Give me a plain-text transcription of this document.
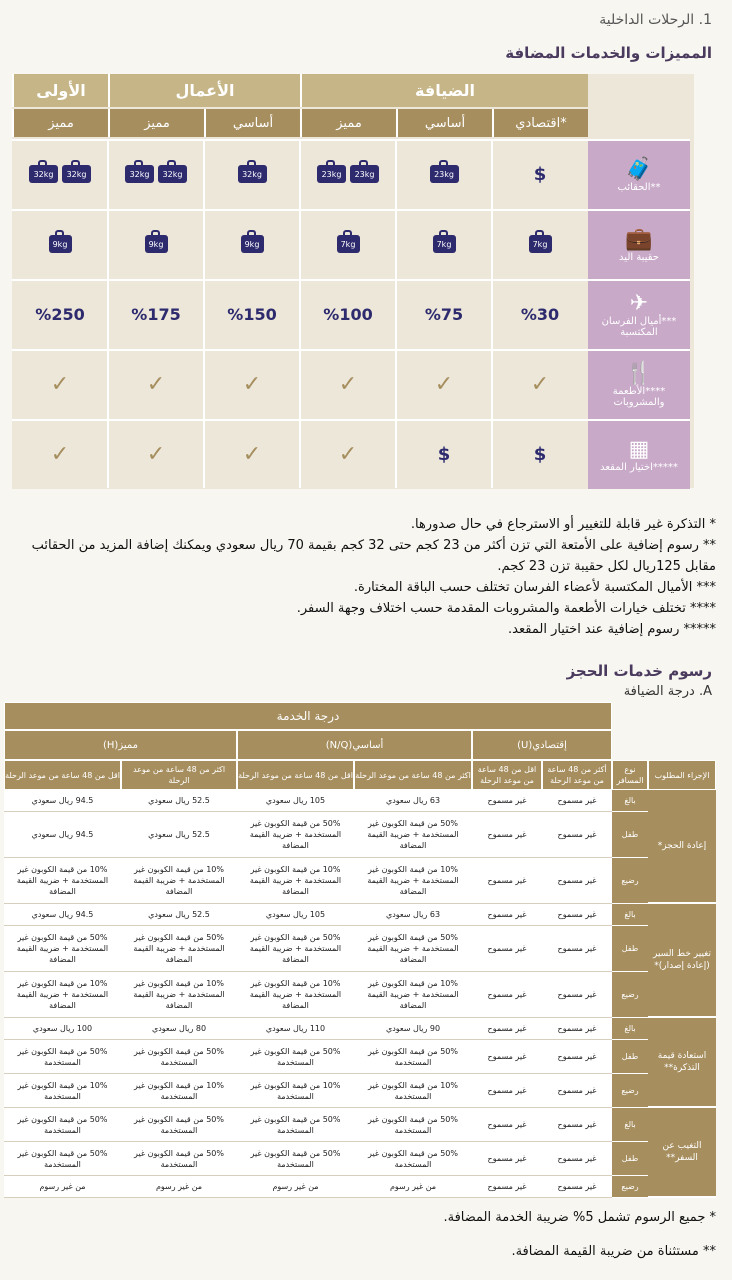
1. الرحلات الداخلية
المميزات والخدمات المضافة
الضيافة
الأعمال
الأولى
*اقتصادي
أساسي
مميز
أساسي
مميز
مميز
🧳
**الحقائب
💼
حقيبة اليد
✈
***أميال الفرسان المكتسبة
🍴
****الأطعمة والمشروبات
▦
*****اختيار المقعد
$
23kg
23kg
23kg
32kg
32kg
32kg
32kg
32kg
7kg
7kg
7kg
9kg
9kg
9kg
%30
%75
%100
%150
%175
%250
✓
✓
✓
✓
✓
✓
$
$
✓
✓
✓
✓
* التذكرة غير قابلة للتغيير أو الاسترجاع في حال صدورها.
** رسوم إضافية على الأمتعة التي تزن أكثر من 23 كجم حتى 32 كجم بقيمة 70 ريال سعودي ويمكنك إضافة المزيد من الحقائب مقابل 125ريال لكل حقيبة تزن 23 كجم.
*** الأميال المكتسبة لأعضاء الفرسان تختلف حسب الباقة المختارة.
**** تختلف خيارات الأطعمة والمشروبات المقدمة حسب اختلاف وجهة السفر.
***** رسوم إضافية عند اختيار المقعد.
رسوم خدمات الحجز
A. درجة الضيافة
درجة الخدمة
إقتصادي

(U)
أساسي

(N/Q)
مميز

(H)
الإجراء المطلوب
نوع المسافر
أكثر من 48 ساعة من موعد الرحلة
اقل من 48 ساعة من موعد الرحلة
اكثر من 48 ساعة من موعد الرحلة
اقل من 48 ساعة من موعد الرحلة
اكثر من 48 ساعة من موعد الرحلة
اقل من 48 ساعة من موعد الرحلة
بالغ
غير مسموح
غير مسموح
63 ريال سعودي
105 ريال سعودي
52.5 ريال سعودي
94.5 ريال سعودي
طفل
غير مسموح
غير مسموح
50% من قيمة الكوبون غير المستخدمة + ضريبة القيمة المضافة
50% من قيمة الكوبون غير المستخدمة + ضريبة القيمة المضافة
52.5 ريال سعودي
94.5 ريال سعودي
رضيع
غير مسموح
غير مسموح
10% من قيمة الكوبون غير المستخدمة + ضريبة القيمة المضافة
10% من قيمة الكوبون غير المستخدمة + ضريبة القيمة المضافة
10% من قيمة الكوبون غير المستخدمة + ضريبة القيمة المضافة
10% من قيمة الكوبون غير المستخدمة + ضريبة القيمة المضافة
بالغ
غير مسموح
غير مسموح
63 ريال سعودي
105 ريال سعودي
52.5 ريال سعودي
94.5 ريال سعودي
طفل
غير مسموح
غير مسموح
50% من قيمة الكوبون غير المستخدمة + ضريبة القيمة المضافة
50% من قيمة الكوبون غير المستخدمة + ضريبة القيمة المضافة
50% من قيمة الكوبون غير المستخدمة + ضريبة القيمة المضافة
50% من قيمة الكوبون غير المستخدمة + ضريبة القيمة المضافة
رضيع
غير مسموح
غير مسموح
10% من قيمة الكوبون غير المستخدمة + ضريبة القيمة المضافة
10% من قيمة الكوبون غير المستخدمة + ضريبة القيمة المضافة
10% من قيمة الكوبون غير المستخدمة + ضريبة القيمة المضافة
10% من قيمة الكوبون غير المستخدمة + ضريبة القيمة المضافة
بالغ
غير مسموح
غير مسموح
90 ريال سعودي
110 ريال سعودي
80 ريال سعودي
100 ريال سعودي
طفل
غير مسموح
غير مسموح
50% من قيمة الكوبون غير المستخدمة
50% من قيمة الكوبون غير المستخدمة
50% من قيمة الكوبون غير المستخدمة
50% من قيمة الكوبون غير المستخدمة
رضيع
غير مسموح
غير مسموح
10% من قيمة الكوبون غير المستخدمة
10% من قيمة الكوبون غير المستخدمة
10% من قيمة الكوبون غير المستخدمة
10% من قيمة الكوبون غير المستخدمة
بالغ
غير مسموح
غير مسموح
50% من قيمة الكوبون غير المستخدمة
50% من قيمة الكوبون غير المستخدمة
50% من قيمة الكوبون غير المستخدمة
50% من قيمة الكوبون غير المستخدمة
طفل
غير مسموح
غير مسموح
50% من قيمة الكوبون غير المستخدمة
50% من قيمة الكوبون غير المستخدمة
50% من قيمة الكوبون غير المستخدمة
50% من قيمة الكوبون غير المستخدمة
رضيع
غير مسموح
غير مسموح
من غير رسوم
من غير رسوم
من غير رسوم
من غير رسوم
إعادة الحجز*
تغيير خط السير (إعادة إصدار)*
استعادة قيمة التذكرة**
التغيب عن السفر**
* جميع الرسوم تشمل 5% ضريبة الخدمة المضافة.
** مستثناة من ضريبة القيمة المضافة.
